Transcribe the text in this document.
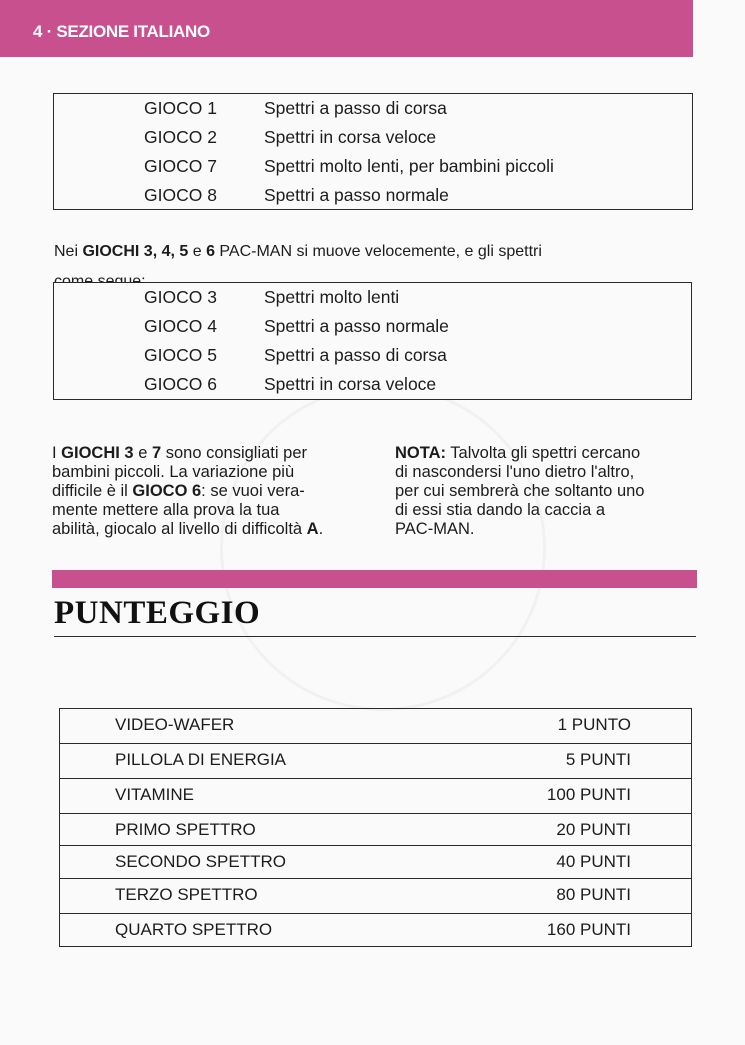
4 · SEZIONE ITALIANO
GIOCO 1	Spettri a passo di corsa
GIOCO 2	Spettri in corsa veloce
GIOCO 7	Spettri molto lenti, per bambini piccoli
GIOCO 8	Spettri a passo normale

Nei GIOCHI 3, 4, 5 e 6 PAC-MAN si muove velocemente, e gli spettri

GIOCO 3	Spettri molto lenti
GIOCO 4	Spettri a passo normale
GIOCO 5	Spettri a passo di corsa
GIOCO 6	Spettri in corsa veloce
I GIOCHI 3 e 7 sono consigliati per
bambini piccoli. La variazione più
difficile è il GIOCO 6: se vuoi vera-
mente mettere alla prova la tua
abilità, giocalo al livello di difficoltà A.
NOTA: Talvolta gli spettri cercano
di nascondersi l'uno dietro l'altro,
per cui sembrerà che soltanto uno
di essi stia dando la caccia a
PAC-MAN.
PUNTEGGIO
VIDEO-WAFER	1 PUNTO

PILLOLA DI ENERGIA	5 PUNTI

VITAMINE	100 PUNTI

PRIMO SPETTRO	20 PUNTI

SECONDO SPETTRO	40 PUNTI

TERZO SPETTRO	80 PUNTI

QUARTO SPETTRO	160 PUNTI
